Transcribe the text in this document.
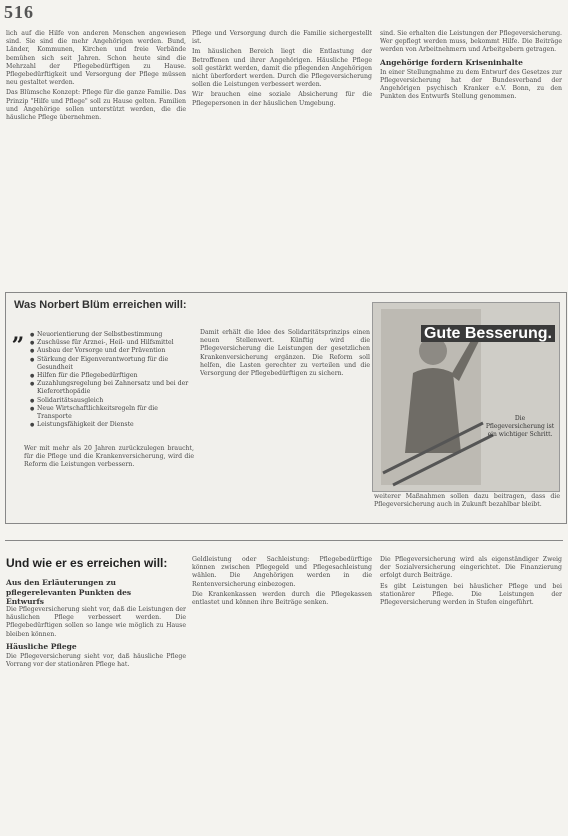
516

lich auf die Hilfe von anderen Menschen angewiesen sind. Sie sind die mehr Angehörigen werden. Bund, Länder, Kommunen, Kirchen und freie Verbände bemühen sich seit Jahren. Schon heute sind die Mehrzahl der Pflegebedürftigen zu Hause. Pflegebedürftigkeit und Versorgung der Pflege müssen neu gestaltet werden.

Das Blümsche Konzept: Pflege für die ganze Familie. Das Prinzip "Hilfe und Pflege" soll zu Hause gelten. Familien und Angehörige sollen unterstützt werden, die die häusliche Pflege übernehmen.

Pflege und Versorgung durch die Familie sichergestellt ist.

Im häuslichen Bereich liegt die Entlastung der Betroffenen und ihrer Angehörigen. Häusliche Pflege soll gestärkt werden, damit die pflegenden Angehörigen nicht überfordert werden. Durch die Pflegeversicherung sollen die Leistungen verbessert werden.

Wir brauchen eine soziale Absicherung für die Pflegepersonen in der häuslichen Umgebung.

sind. Sie erhalten die Leistungen der Pflegeversicherung. Wer gepflegt werden muss, bekommt Hilfe. Die Beiträge werden von Arbeitnehmern und Arbeitgebern getragen.

Angehörige fordern Kriseninhalte

In einer Stellungnahme zu dem Entwurf des Gesetzes zur Pflegeversicherung hat der Bundesverband der Angehörigen psychisch Kranker e.V. Bonn, zu den Punkten des Entwurfs Stellung genommen.

Was Norbert Blüm erreichen will:
„
●	Neuorientierung der Selbstbestimmung
● Zuschüsse für Arznei-, Heil- und Hilfsmittel
● Ausbau der Vorsorge und der Prävention
● Stärkung der Eigenverantwortung für die Gesundheit
● Hilfen für die Pflegebedürftigen
● Zuzahlungsregelung bei Zahnersatz und bei der Kieferorthopädie
● Solidaritätsausgleich
● Neue Wirtschaftlichkeitsregeln für die Transporte
● Leistungsfähigkeit der Dienste
Wer mit mehr als 20 Jahren zurückzulegen braucht, für die Pflege und die Krankenversicherung, wird die Reform die Leistungen verbessern.
Damit erhält die Idee des Solidaritätsprinzips einen neuen Stellenwert. Künftig wird die Pflegeversicherung die Leistungen der gesetzlichen Krankenversicherung ergänzen. Die Reform soll helfen, die Lasten gerechter zu verteilen und die Versorgung der Pflegebedürftigen zu sichern.
weiterer Maßnahmen sollen dazu beitragen, dass die Pflegeversicherung auch in Zukunft bezahlbar bleibt.
Gute Besserung.
Die Pflegeversicherung ist ein wichtiger Schritt.
Und wie er es erreichen will:
Aus den Erläuterungen zu pflegerelevanten Punkten des Entwurfs

Die Pflegeversicherung sieht vor, daß die Leistungen der häuslichen Pflege verbessert werden. Die Pflegebedürftigen sollen so lange wie möglich zu Hause bleiben können.

Häusliche Pflege

Die Pflegeversicherung sieht vor, daß häusliche Pflege Vorrang vor der stationären Pflege hat.

Geldleistung oder Sachleistung: Pflegebedürftige können zwischen Pflegegeld und Pflegesachleistung wählen. Die Angehörigen werden in die Rentenversicherung einbezogen.

Die Krankenkassen werden durch die Pflegekassen entlastet und können ihre Beiträge senken.

Die Pflegeversicherung wird als eigenständiger Zweig der Sozialversicherung eingerichtet. Die Finanzierung erfolgt durch Beiträge.

Es gibt Leistungen bei häuslicher Pflege und bei stationärer Pflege. Die Leistungen der Pflegeversicherung werden in Stufen eingeführt.
